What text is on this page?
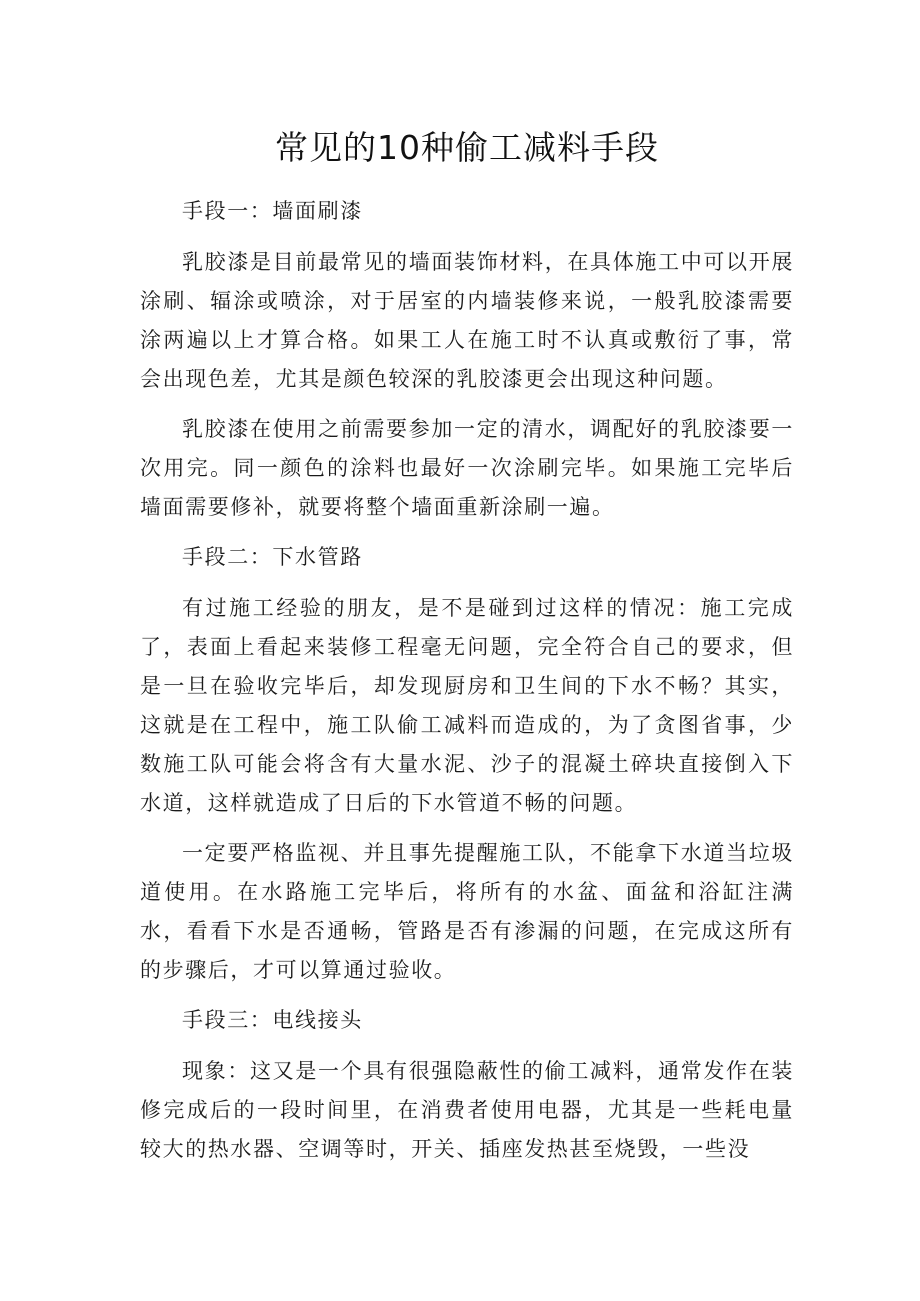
常见的10种偷工减料手段

手段一：墙面刷漆

乳胶漆是目前最常见的墙面装饰材料，在具体施工中可以开展涂刷、辐涂或喷涂，对于居室的内墙装修来说，一般乳胶漆需要涂两遍以上才算合格。如果工人在施工时不认真或敷衍了事，常会出现色差，尤其是颜色较深的乳胶漆更会出现这种问题。

乳胶漆在使用之前需要参加一定的清水，调配好的乳胶漆要一次用完。同一颜色的涂料也最好一次涂刷完毕。如果施工完毕后墙面需要修补，就要将整个墙面重新涂刷一遍。

手段二：下水管路

有过施工经验的朋友，是不是碰到过这样的情况：施工完成了，表面上看起来装修工程毫无问题，完全符合自己的要求，但是一旦在验收完毕后，却发现厨房和卫生间的下水不畅？其实，这就是在工程中，施工队偷工减料而造成的，为了贪图省事，少数施工队可能会将含有大量水泥、沙子的混凝土碎块直接倒入下水道，这样就造成了日后的下水管道不畅的问题。

一定要严格监视、并且事先提醒施工队，不能拿下水道当垃圾道使用。在水路施工完毕后，将所有的水盆、面盆和浴缸注满水，看看下水是否通畅，管路是否有渗漏的问题，在完成这所有的步骤后，才可以算通过验收。

手段三：电线接头

现象：这又是一个具有很强隐蔽性的偷工减料，通常发作在装修完成后的一段时间里，在消费者使用电器，尤其是一些耗电量较大的热水器、空调等时，开关、插座发热甚至烧毁，一些没
